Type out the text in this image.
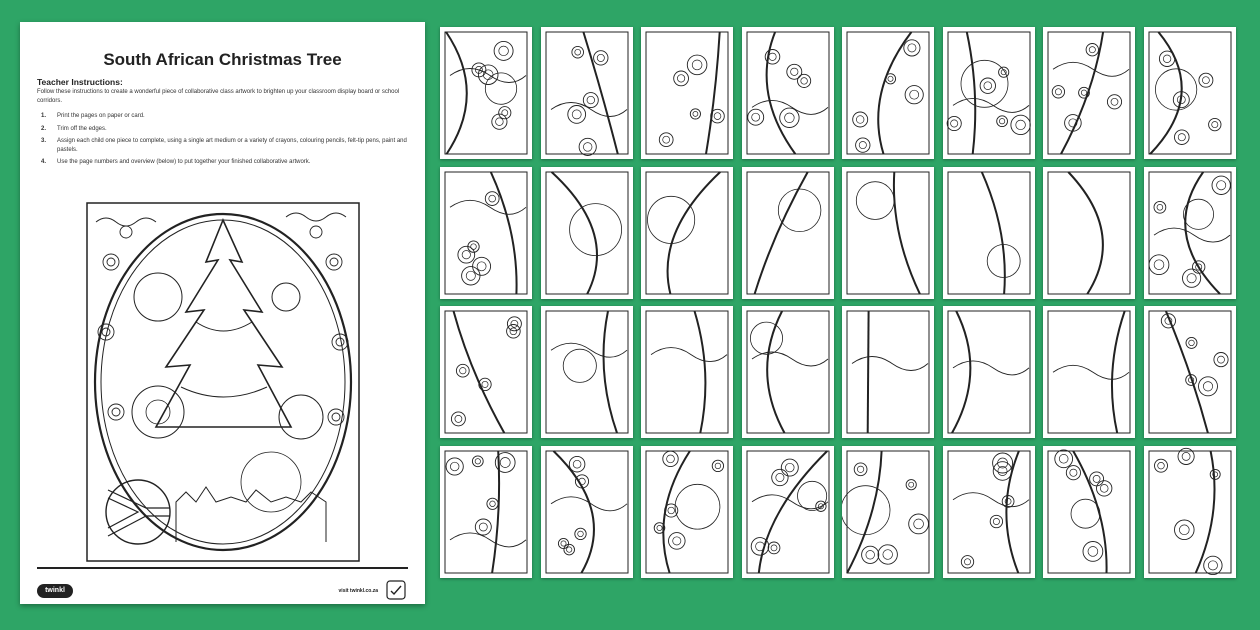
South African Christmas Tree
Teacher Instructions:
Follow these instructions to create a wonderful piece of collaborative class artwork to brighten up your classroom display board or school corridors.
1.	Print the pages on paper or card.
2.	Trim off the edges.
3.	Assign each child one piece to complete, using a single art medium or a variety of crayons, colouring pencils, felt-tip pens, paint and pastels.
4.	Use the page numbers and overview (below) to put together your finished collaborative artwork.
twinkl	visit twinkl.co.za
